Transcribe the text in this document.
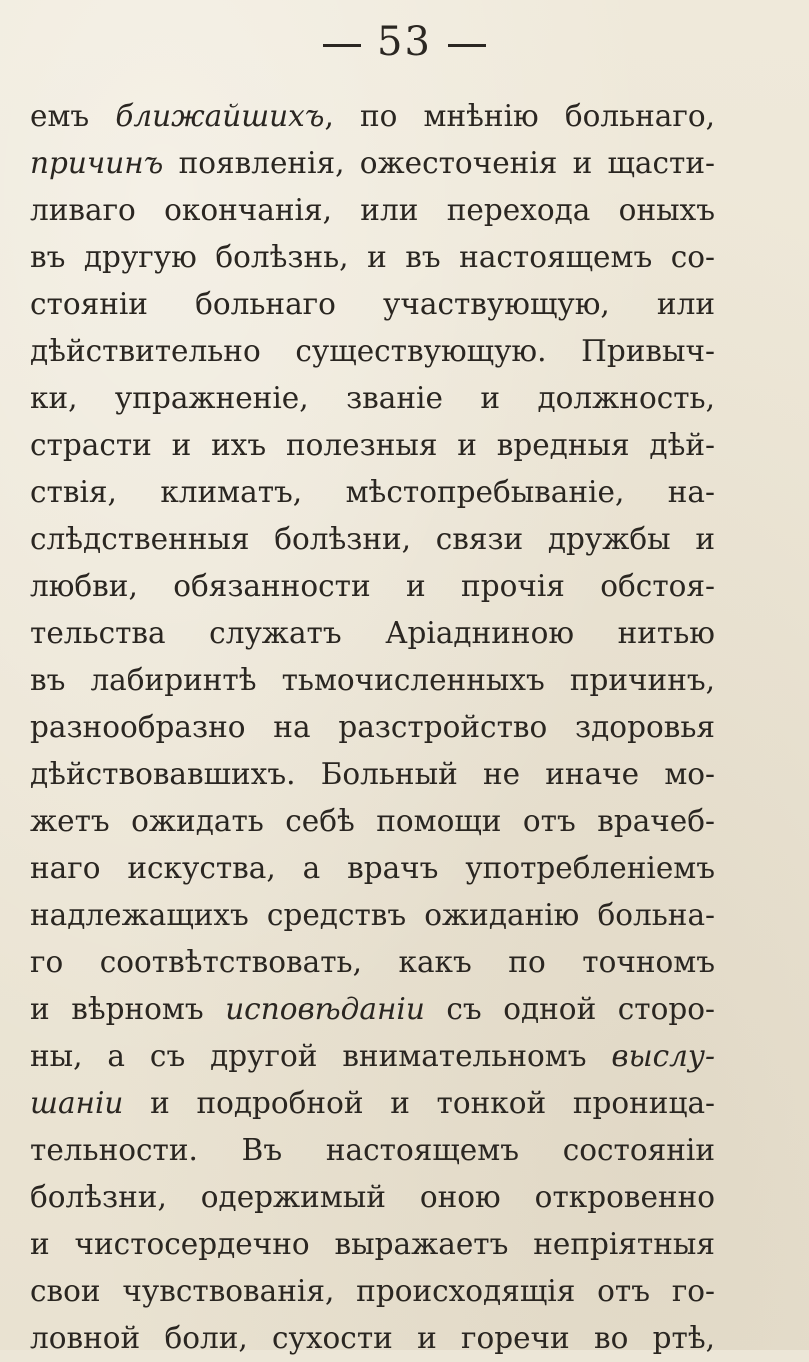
53
емъ ближайшихъ, по мнѣнію больнаго,
причинъ появленія, ожесточенія и щасти-
ливаго окончанія, или перехода оныхъ
въ другую болѣзнь, и въ настоящемъ со-
стояніи больнаго участвующую, или
дѣйствительно существующую. Привыч-
ки, упражненіе, званіе и должность,
страсти и ихъ полезныя и вредныя дѣй-
ствія, климатъ, мѣстопребываніе, на-
слѣдственныя болѣзни, связи дружбы и
любви, обязанности и прочія обстоя-
тельства служатъ Аріадниною нитью
въ лабиринтѣ тьмочисленныхъ причинъ,
разнообразно на разстройство здоровья
дѣйствовавшихъ. Больный не иначе мо-
жетъ ожидать себѣ помощи отъ врачеб-
наго искуства, а врачъ употребленіемъ
надлежащихъ средствъ ожиданію больна-
го соотвѣтствовать, какъ по точномъ
и вѣрномъ исповѣданіи съ одной сторо-
ны, а съ другой внимательномъ выслу-
шаніи и подробной и тонкой проница-
тельности. Въ настоящемъ состояніи
болѣзни, одержимый оною откровенно
и чистосердечно выражаетъ непріятныя
свои чувствованія, происходящія отъ го-
ловной боли, сухости и горечи во ртѣ,
